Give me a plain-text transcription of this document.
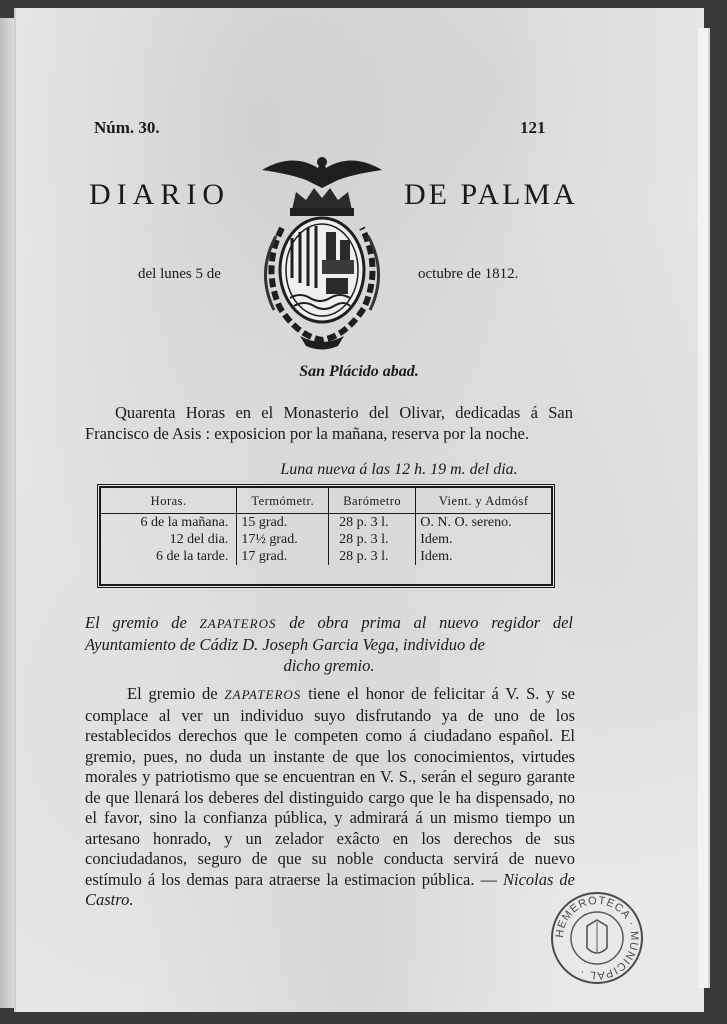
Núm. 30.	121
DIARIO	DE PALMA
del lunes 5 de	octubre de 1812.
San Plácido abad.
Quarenta Horas en el Monasterio del Olivar, dedicadas á San Francisco de Asis : exposicion por la mañana, reserva por la noche.
Luna nueva á las 12 h. 19 m. del dia.
Horas.	Termómetr.	Barómetro	Vient. y Admósf
6 de la mañana.	15 grad.	28 p. 3 l.	O. N. O. sereno.
12 del dia.	17½ grad.	28 p. 3 l.	Idem.
6 de la tarde.	17 grad.	28 p. 3 l.	Idem.
El gremio de ZAPATEROS de obra prima al nuevo regidor del Ayuntamiento de Cádiz D. Joseph Garcia Vega, individuo de
dicho gremio.
El gremio de ZAPATEROS tiene el honor de felicitar á V. S. y se complace al ver un individuo suyo disfrutando ya de uno de los restablecidos derechos que le competen como á ciudadano español. El gremio, pues, no duda un instante de que los conocimientos, virtudes morales y patriotismo que se encuentran en V. S., serán el seguro garante de que llenará los deberes del distinguido cargo que le ha dispensado, no el favor, sino la confianza pública, y admirará á un mismo tiempo un artesano honrado, y un zelador exâcto en los derechos de sus conciudadanos, seguro de que su noble conducta servirá de nuevo estímulo á los demas para atraerse la estimacion pública. — Nicolas de Castro.
HEMEROTECA · MUNICIPAL ·
